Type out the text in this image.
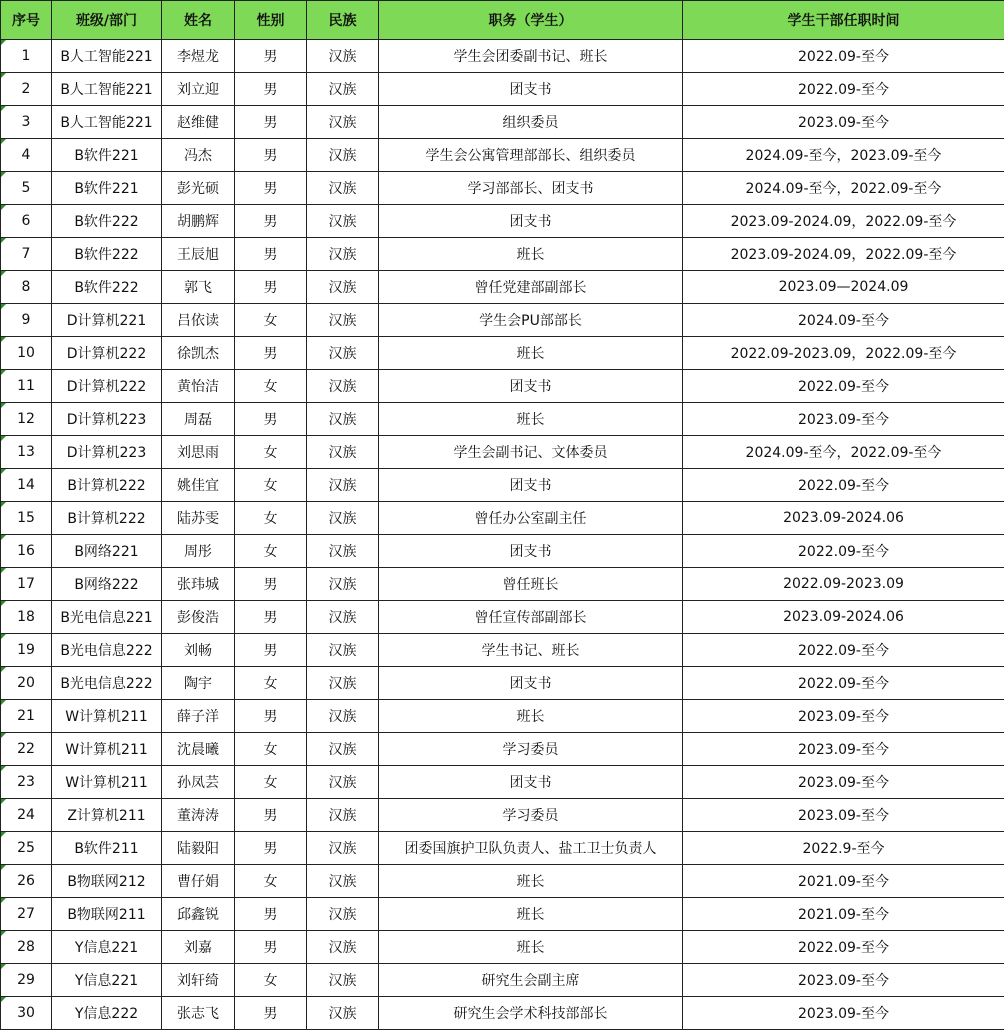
序号	班级/部门	姓名	性别	民族	职务（学生）	学生干部任职时间
1	B人工智能221	李煜龙	男	汉族	学生会团委副书记、班长	2022.09-至今
2	B人工智能221	刘立迎	男	汉族	团支书	2022.09-至今
3	B人工智能221	赵维健	男	汉族	组织委员	2023.09-至今
4	B软件221	冯杰	男	汉族	学生会公寓管理部部长、组织委员	2024.09-至今，2023.09-至今
5	B软件221	彭光硕	男	汉族	学习部部长、团支书	2024.09-至今，2022.09-至今
6	B软件222	胡鹏辉	男	汉族	团支书	2023.09-2024.09，2022.09-至今
7	B软件222	王辰旭	男	汉族	班长	2023.09-2024.09，2022.09-至今
8	B软件222	郭飞	男	汉族	曾任党建部副部长	2023.09—2024.09
9	D计算机221	吕依读	女	汉族	学生会PU部部长	2024.09-至今
10	D计算机222	徐凯杰	男	汉族	班长	2022.09-2023.09，2022.09-至今
11	D计算机222	黄怡洁	女	汉族	团支书	2022.09-至今
12	D计算机223	周磊	男	汉族	班长	2023.09-至今
13	D计算机223	刘思雨	女	汉族	学生会副书记、文体委员	2024.09-至今，2022.09-至今
14	B计算机222	姚佳宜	女	汉族	团支书	2022.09-至今
15	B计算机222	陆苏雯	女	汉族	曾任办公室副主任	2023.09-2024.06
16	B网络221	周彤	女	汉族	团支书	2022.09-至今
17	B网络222	张玮城	男	汉族	曾任班长	2022.09-2023.09
18	B光电信息221	彭俊浩	男	汉族	曾任宣传部副部长	2023.09-2024.06
19	B光电信息222	刘畅	男	汉族	学生书记、班长	2022.09-至今
20	B光电信息222	陶宇	女	汉族	团支书	2022.09-至今
21	W计算机211	薛子洋	男	汉族	班长	2023.09-至今
22	W计算机211	沈晨曦	女	汉族	学习委员	2023.09-至今
23	W计算机211	孙凤芸	女	汉族	团支书	2023.09-至今
24	Z计算机211	董涛涛	男	汉族	学习委员	2023.09-至今
25	B软件211	陆毅阳	男	汉族	团委国旗护卫队负责人、盐工卫士负责人	2022.9-至今
26	B物联网212	曹仔娟	女	汉族	班长	2021.09-至今
27	B物联网211	邱鑫锐	男	汉族	班长	2021.09-至今
28	Y信息221	刘嘉	男	汉族	班长	2022.09-至今
29	Y信息221	刘轩绮	女	汉族	研究生会副主席	2023.09-至今
30	Y信息222	张志飞	男	汉族	研究生会学术科技部部长	2023.09-至今
